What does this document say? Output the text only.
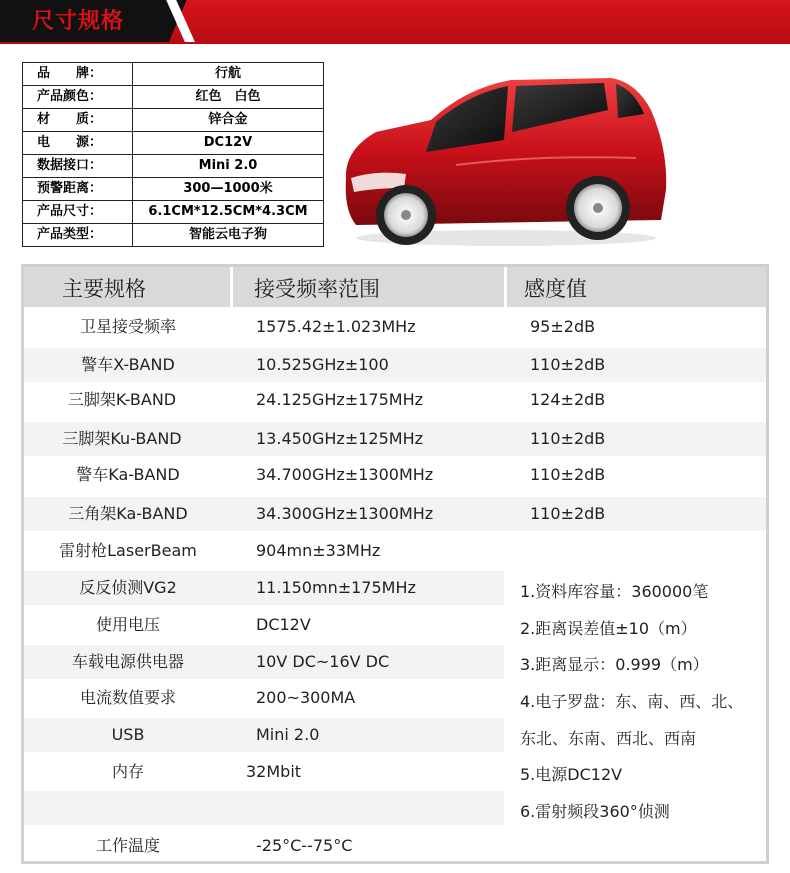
尺寸规格
品　　牌：	行航
产品颜色：	红色　白色
材　　质：	锌合金
电　　源：	DC12V
数据接口：	Mini 2.0
预警距离：	300—1000米
产品尺寸：	6.1CM*12.5CM*4.3CM
产品类型：	智能云电子狗
主要规格	接受频率范围	感度值
卫星接受频率	1575.42±1.023MHz	95±2dB
警车X-BAND	10.525GHz±100	110±2dB
三脚架K-BAND	24.125GHz±175MHz	124±2dB
三脚架Ku-BAND	13.450GHz±125MHz	110±2dB
警车Ka-BAND	34.700GHz±1300MHz	110±2dB
三角架Ka-BAND	34.300GHz±1300MHz	110±2dB
雷射枪LaserBeam	904mn±33MHz
反反侦测VG2	11.150mn±175MHz
使用电压	DC12V
车载电源供电器	10V DC~16V DC
电流数值要求	200~300MA
USB	Mini 2.0
内存	32Mbit
工作温度	-25°C--75°C
1.资料库容量：360000笔
2.距离误差值±10（m）
3.距离显示：0.999（m）
4.电子罗盘：东、南、西、北、
东北、东南、西北、西南
5.电源DC12V
6.雷射频段360°侦测
